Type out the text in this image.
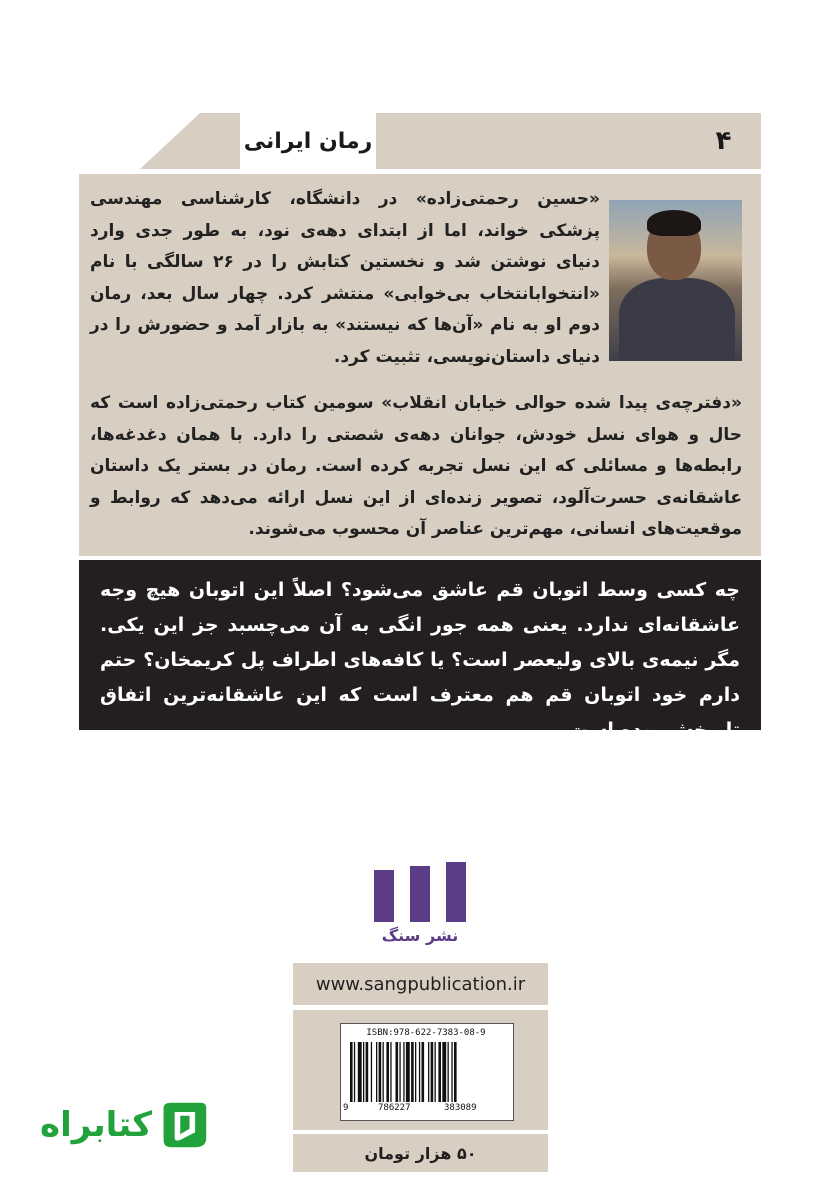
۴
رمان ایرانی

«حسین رحمتی‌زاده» در دانشگاه، کارشناسی مهندسی پزشکی خواند، اما از ابتدای دهه‌ی نود، به طور جدی وارد دنیای نوشتن شد و نخستین کتابش را در ۲۶ سالگی با نام «انتخوابانتخاب بی‌خوابی» منتشر کرد. چهار سال بعد، رمان دوم او به نام «آن‌ها که نیستند» به بازار آمد و حضورش را در دنیای داستان‌نویسی، تثبیت کرد.

«دفترچه‌ی پیدا شده حوالی خیابان انقلاب» سومین کتاب رحمتی‌زاده است که حال و هوای نسل خودش، جوانان دهه‌ی شصتی را دارد. با همان دغدغه‌ها، رابطه‌ها و مسائلی که این نسل تجربه کرده است. رمان در بستر یک داستان عاشقانه‌ی حسرت‌آلود، تصویر زنده‌ای از این نسل ارائه می‌دهد که روابط و موقعیت‌های انسانی، مهم‌ترین عناصر آن محسوب می‌شوند.

چه کسی وسط اتوبان قم عاشق می‌شود؟ اصلاً این اتوبان هیچ وجه عاشقانه‌ای ندارد. یعنی همه جور انگی به آن می‌چسبد جز این یکی. مگر نیمه‌ی بالای ولیعصر است؟ یا کافه‌های اطراف پل کریمخان؟ حتم دارم خود اتوبان قم هم معترف است که این عاشقانه‌ترین اتفاق تاریخش بوده است.

نشر سنگ
www.sangpublication.ir
ISBN:978-622-7383-08-9
9	786227	383089
۵۰ هزار تومان
کتابراه
